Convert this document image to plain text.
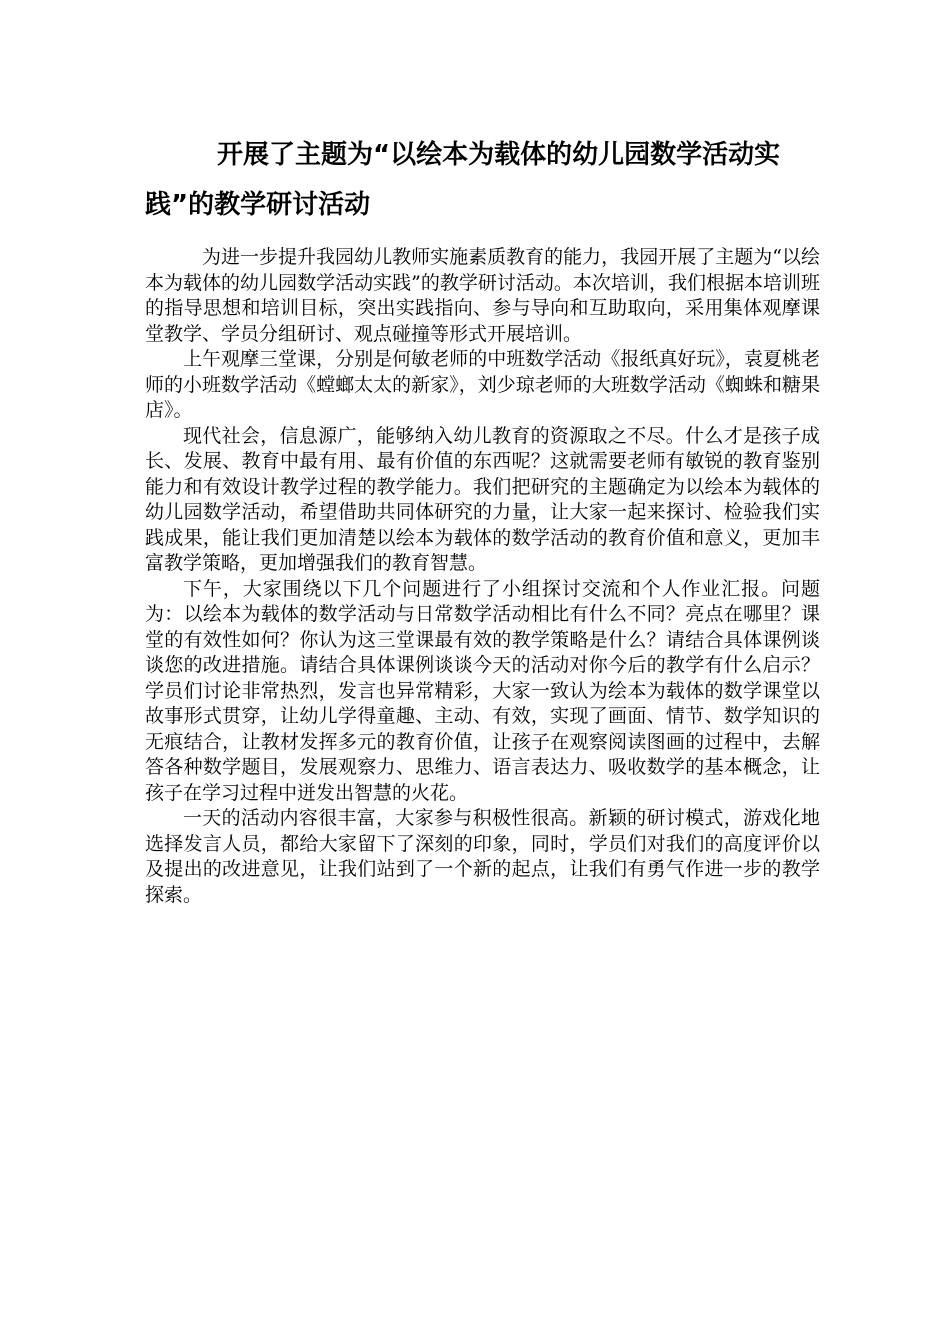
开展了主题为“以绘本为载体的幼儿园数学活动实践”的教学研讨活动

为进一步提升我园幼儿教师实施素质教育的能力，我园开展了主题为“以绘本为载体的幼儿园数学活动实践”的教学研讨活动。本次培训，我们根据本培训班的指导思想和培训目标，突出实践指向、参与导向和互助取向，采用集体观摩课堂教学、学员分组研讨、观点碰撞等形式开展培训。

上午观摩三堂课，分别是何敏老师的中班数学活动《报纸真好玩》，袁夏桃老师的小班数学活动《螳螂太太的新家》，刘少琼老师的大班数学活动《蜘蛛和糖果店》。

现代社会，信息源广，能够纳入幼儿教育的资源取之不尽。什么才是孩子成长、发展、教育中最有用、最有价值的东西呢？这就需要老师有敏锐的教育鉴别能力和有效设计教学过程的教学能力。我们把研究的主题确定为以绘本为载体的幼儿园数学活动，希望借助共同体研究的力量，让大家一起来探讨、检验我们实践成果，能让我们更加清楚以绘本为载体的数学活动的教育价值和意义，更加丰富教学策略，更加增强我们的教育智慧。

下午，大家围绕以下几个问题进行了小组探讨交流和个人作业汇报。问题为：以绘本为载体的数学活动与日常数学活动相比有什么不同？亮点在哪里？课堂的有效性如何？你认为这三堂课最有效的教学策略是什么？请结合具体课例谈谈您的改进措施。请结合具体课例谈谈今天的活动对你今后的教学有什么启示？学员们讨论非常热烈，发言也异常精彩，大家一致认为绘本为载体的数学课堂以故事形式贯穿，让幼儿学得童趣、主动、有效，实现了画面、情节、数学知识的无痕结合，让教材发挥多元的教育价值，让孩子在观察阅读图画的过程中，去解答各种数学题目，发展观察力、思维力、语言表达力、吸收数学的基本概念，让孩子在学习过程中迸发出智慧的火花。

一天的活动内容很丰富，大家参与积极性很高。新颖的研讨模式，游戏化地选择发言人员，都给大家留下了深刻的印象，同时，学员们对我们的高度评价以及提出的改进意见，让我们站到了一个新的起点，让我们有勇气作进一步的教学探索。
